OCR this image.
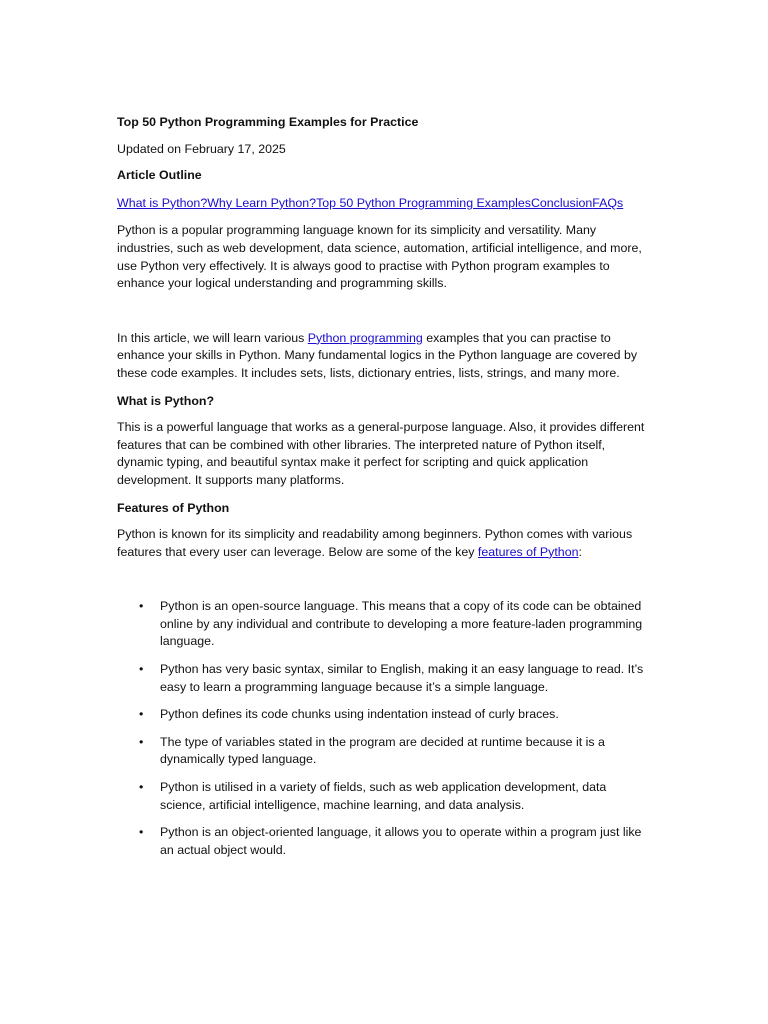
Top 50 Python Programming Examples for Practice
Updated on February 17, 2025
Article Outline
What is Python?Why Learn Python?Top 50 Python Programming ExamplesConclusionFAQs

Python is a popular programming language known for its simplicity and versatility. Many industries, such as web development, data science, automation, artificial intelligence, and more, use Python very effectively. It is always good to practise with Python program examples to enhance your logical understanding and programming skills.

In this article, we will learn various Python programming examples that you can practise to enhance your skills in Python. Many fundamental logics in the Python language are covered by these code examples. It includes sets, lists, dictionary entries, lists, strings, and many more.

What is Python?

This is a powerful language that works as a general-purpose language. Also, it provides different features that can be combined with other libraries. The interpreted nature of Python itself, dynamic typing, and beautiful syntax make it perfect for scripting and quick application development. It supports many platforms.

Features of Python

Python is known for its simplicity and readability among beginners. Python comes with various features that every user can leverage. Below are some of the key features of Python:

• Python is an open-source language. This means that a copy of its code can be obtained online by any individual and contribute to developing a more feature-laden programming language.
• Python has very basic syntax, similar to English, making it an easy language to read. It’s easy to learn a programming language because it’s a simple language.
• Python defines its code chunks using indentation instead of curly braces.
• The type of variables stated in the program are decided at runtime because it is a dynamically typed language.
• Python is utilised in a variety of fields, such as web application development, data science, artificial intelligence, machine learning, and data analysis.
• Python is an object-oriented language, it allows you to operate within a program just like an actual object would.
